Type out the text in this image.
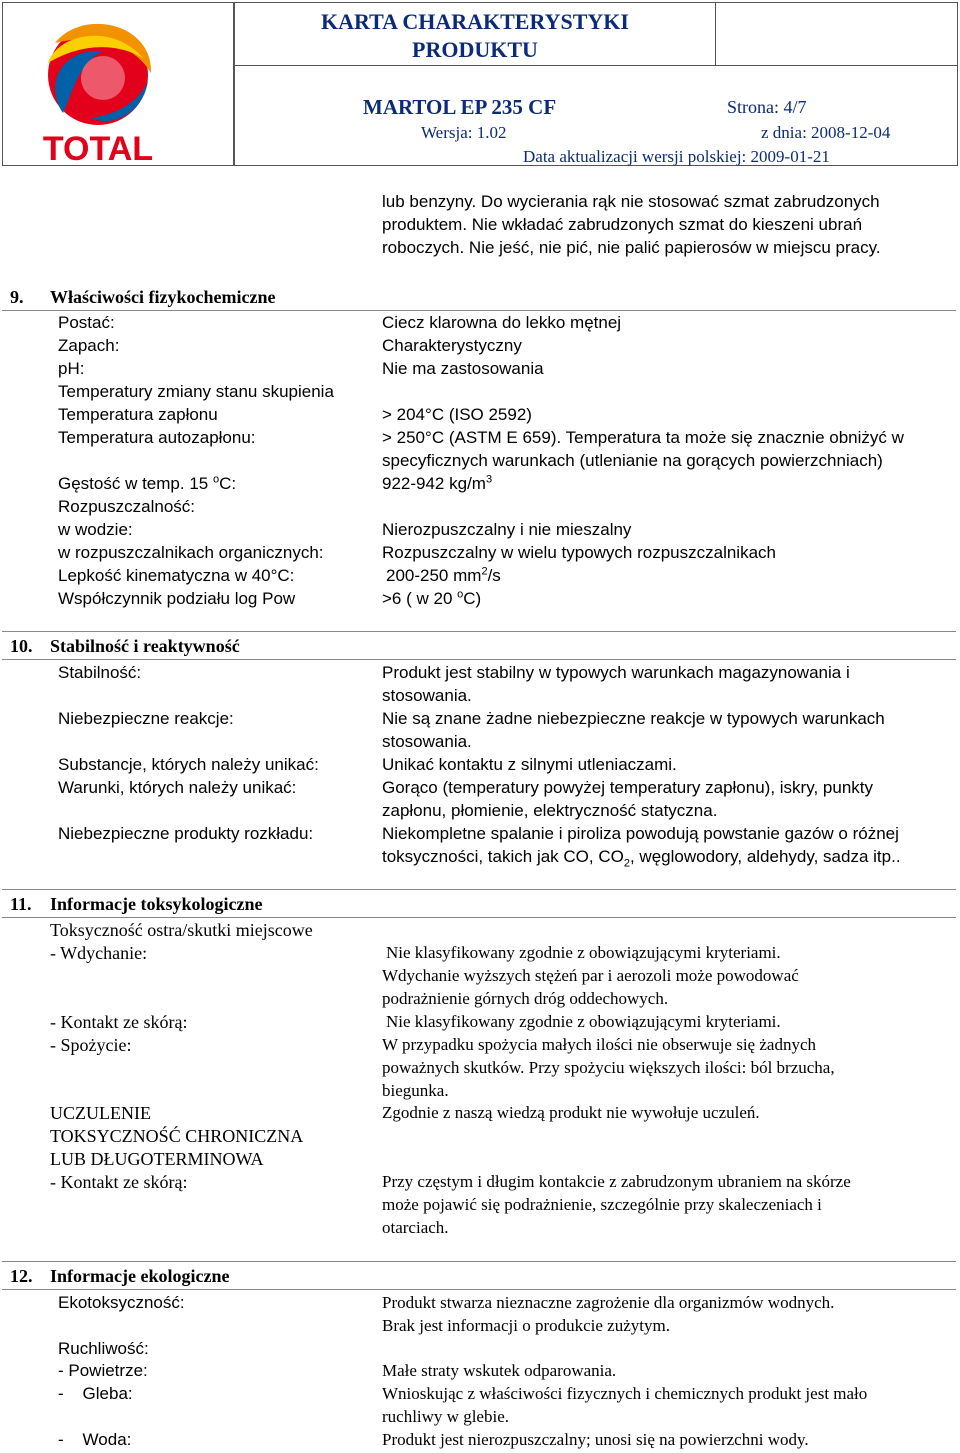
TOTAL
KARTA CHARAKTERYSTYKI
PRODUKTU
MARTOL EP 235 CF	Strona: 4/7
Wersja: 1.02	z dnia: 2008-12-04
Data aktualizacji wersji polskiej: 2009-01-21
lub benzyny. Do wycierania rąk nie stosować szmat zabrudzonych
produktem. Nie wkładać zabrudzonych szmat do kieszeni ubrań
roboczych. Nie jeść, nie pić, nie palić papierosów w miejscu pracy.
9. Właściwości fizykochemiczne
Postać:	Ciecz klarowna do lekko mętnej
Zapach:	Charakterystyczny
pH:	Nie ma zastosowania
Temperatury zmiany stanu skupienia
Temperatura zapłonu	> 204°C (ISO 2592)
Temperatura autozapłonu:	> 250°C (ASTM E 659). Temperatura ta może się znacznie obniżyć w
specyficznych warunkach (utlenianie na gorących powierzchniach)
Gęstość w temp. 15 $^o$C:	922-942 $kg/m^3$
Rozpuszczalność:
w wodzie:	Nierozpuszczalny i nie mieszalny
w rozpuszczalnikach organicznych:	Rozpuszczalny w wielu typowych rozpuszczalnikach
Lepkość kinematyczna w 40°C:	200-250 $mm^2/s$
Współczynnik podziału log Pow	>6 ( w 20 $^o$C)
10. Stabilność i reaktywność
Stabilność:	Produkt jest stabilny w typowych warunkach magazynowania i
stosowania.
Niebezpieczne reakcje:	Nie są znane żadne niebezpieczne reakcje w typowych warunkach
stosowania.
Substancje, których należy unikać:	Unikać kontaktu z silnymi utleniaczami.
Warunki, których należy unikać:	Gorąco (temperatury powyżej temperatury zapłonu), iskry, punkty
zapłonu, płomienie, elektryczność statyczna.
Niebezpieczne produkty rozkładu:	Niekompletne spalanie i piroliza powodują powstanie gazów o różnej
toksyczności, takich jak CO, $CO_2$, węglowodory, aldehydy, sadza itp..
11. Informacje toksykologiczne
Toksyczność ostra/skutki miejscowe
- Wdychanie:	Nie klasyfikowany zgodnie z obowiązującymi kryteriami.
Wdychanie wyższych stężeń par i aerozoli może powodować
podrażnienie górnych dróg oddechowych.
- Kontakt ze skórą:	Nie klasyfikowany zgodnie z obowiązującymi kryteriami.
- Spożycie:	W przypadku spożycia małych ilości nie obserwuje się żadnych
poważnych skutków. Przy spożyciu większych ilości: ból brzucha,
biegunka.
UCZULENIE	Zgodnie z naszą wiedzą produkt nie wywołuje uczuleń.
TOKSYCZNOŚĆ CHRONICZNA
LUB DŁUGOTERMINOWA
- Kontakt ze skórą:	Przy częstym i długim kontakcie z zabrudzonym ubraniem na skórze
może pojawić się podrażnienie, szczególnie przy skaleczeniach i
otarciach.
12. Informacje ekologiczne
Ekotoksyczność:	Produkt stwarza nieznaczne zagrożenie dla organizmów wodnych.
Brak jest informacji o produkcie zużytym.
Ruchliwość:
- Powietrze:	Małe straty wskutek odparowania.
-    Gleba:	Wnioskując z właściwości fizycznych i chemicznych produkt jest mało
ruchliwy w glebie.
-    Woda:	Produkt jest nierozpuszczalny; unosi się na powierzchni wody.
